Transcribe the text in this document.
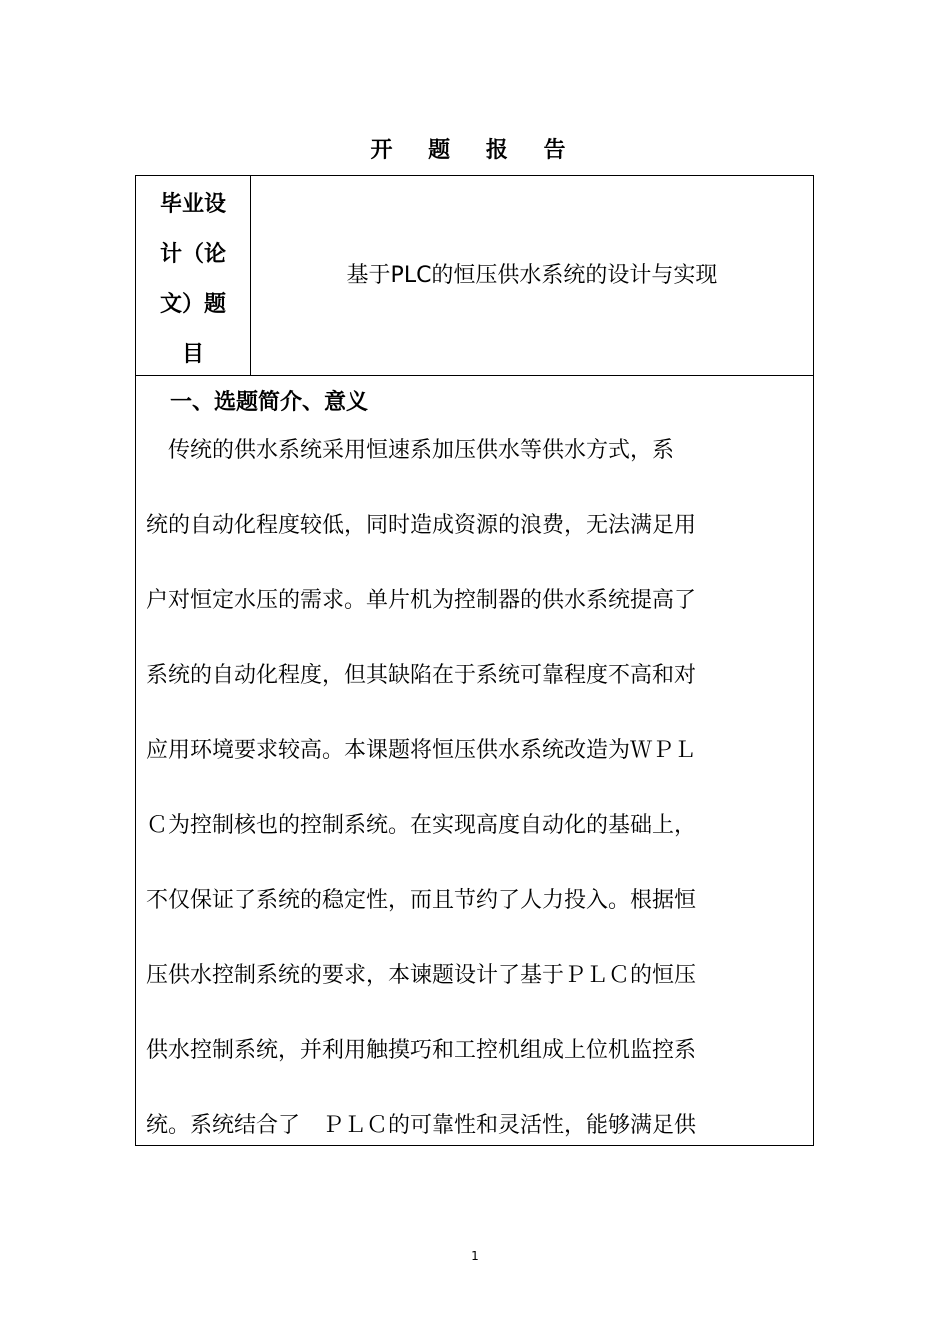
开 题 报 告
毕业设
计（论
文）题
目
基于PLC的恒压供水系统的设计与实现
一、选题简介、意义
　传统的供水系统采用恒速系加压供水等供水方式，系
统的自动化程度较低，同时造成资源的浪费，无法满足用
户对恒定水压的需求。单片机为控制器的供水系统提高了
系统的自动化程度，但其缺陷在于系统可靠程度不高和对
应用环境要求较高。本课题将恒压供水系统改造为ＷＰＬ
Ｃ为控制核也的控制系统。在实现高度自动化的基础上，
不仅保证了系统的稳定性，而且节约了人力投入。根据恒
压供水控制系统的要求，本谏题设计了基于ＰＬＣ的恒压
供水控制系统，并利用触摸巧和工控机组成上位机监控系
统。系统结合了　ＰＬＣ的可靠性和灵活性，能够满足供
1
